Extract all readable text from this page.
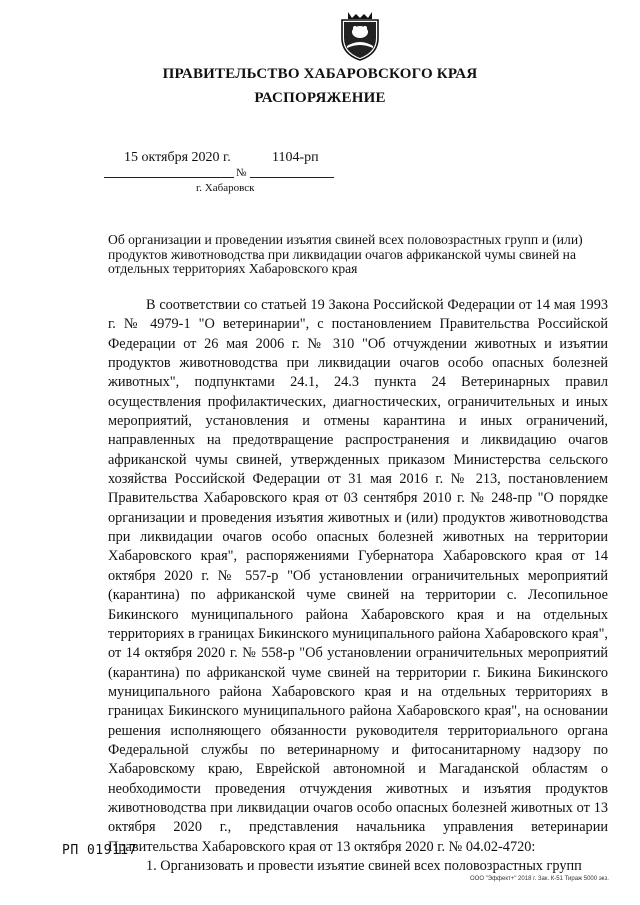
ПРАВИТЕЛЬСТВО ХАБАРОВСКОГО КРАЯ
РАСПОРЯЖЕНИЕ
15 октября 2020 г.
№
1104-рп
г. Хабаровск
Об организации и проведении изъятия свиней всех половозрастных групп и (или) продуктов животноводства при ликвидации очагов африканской чумы свиней на отдельных территориях Хабаровского края

В соответствии со статьей 19 Закона Российской Федерации от 14 мая 1993 г. № 4979-1 "О ветеринарии", с постановлением Правительства Российской Федерации от 26 мая 2006 г. № 310 "Об отчуждении животных и изъятии продуктов животноводства при ликвидации очагов особо опасных болезней животных", подпунктами 24.1, 24.3 пункта 24 Ветеринарных правил осуществления профилактических, диагностических, ограничительных и иных мероприятий, установления и отмены карантина и иных ограничений, направленных на предотвращение распространения и ликвидацию очагов африканской чумы свиней, утвержденных приказом Министерства сельского хозяйства Российской Федерации от 31 мая 2016 г. № 213, постановлением Правительства Хабаровского края от 03 сентября 2010 г. № 248-пр "О порядке организации и проведения изъятия животных и (или) продуктов животноводства при ликвидации очагов особо опасных болезней животных на территории Хабаровского края", распоряжениями Губернатора Хабаровского края от 14 октября 2020 г. № 557-р "Об установлении ограничительных мероприятий (карантина) по африканской чуме свиней на территории с. Лесопильное Бикинского муниципального района Хабаровского края и на отдельных территориях в границах Бикинского муниципального района Хабаровского края", от 14 октября 2020 г. № 558-р "Об установлении ограничительных мероприятий (карантина) по африканской чуме свиней на территории г. Бикина Бикинского муниципального района Хабаровского края и на отдельных территориях в границах Бикинского муниципального района Хабаровского края", на основании решения исполняющего обязанности руководителя территориального органа Федеральной службы по ветеринарному и фитосанитарному надзору по Хабаровскому краю, Еврейской автономной и Магаданской областям о необходимости проведения отчуждения животных и изъятия продуктов животноводства при ликвидации очагов особо опасных болезней животных от 13 октября 2020 г., представления начальника управления ветеринарии Правительства Хабаровского края от 13 октября 2020 г. № 04.02-4720:

1. Организовать и провести изъятие свиней всех половозрастных групп

РП 019117
ООО "Эффект+" 2018 г. Зак. К-51 Тираж 5000 экз.
